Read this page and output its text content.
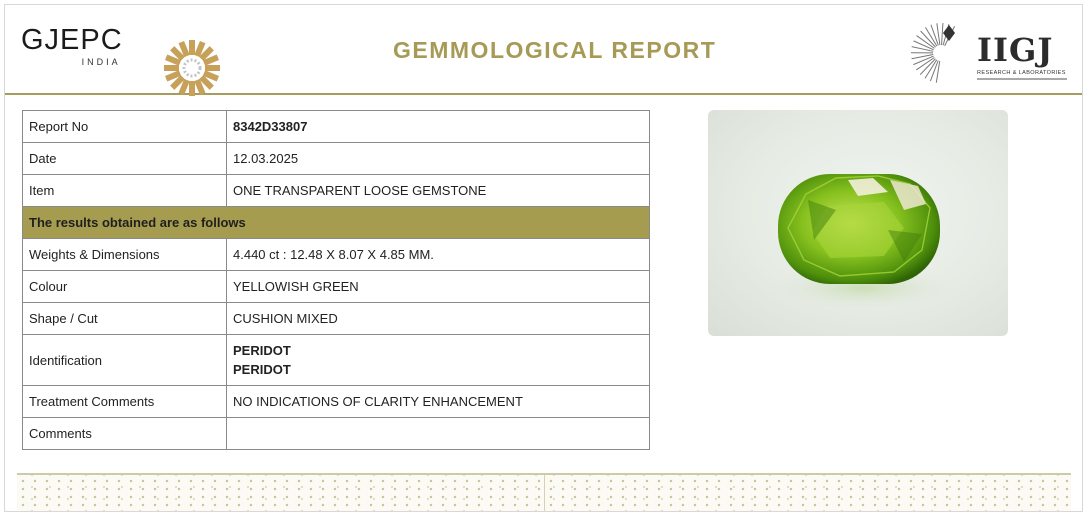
GJEPC
INDIA	GEMMOLOGICAL REPORT	IIGJ
RESEARCH & LABORATORIES
Report No	8342D33807
Date	12.03.2025
Item	ONE TRANSPARENT LOOSE GEMSTONE
The results obtained are as follows	
Weights & Dimensions	4.440 ct : 12.48 X 8.07 X 4.85 MM.
Colour	YELLOWISH GREEN
Shape / Cut	CUSHION MIXED
Identification	PERIDOT
PERIDOT

Treatment Comments	NO INDICATIONS OF CLARITY ENHANCEMENT
Comments	
